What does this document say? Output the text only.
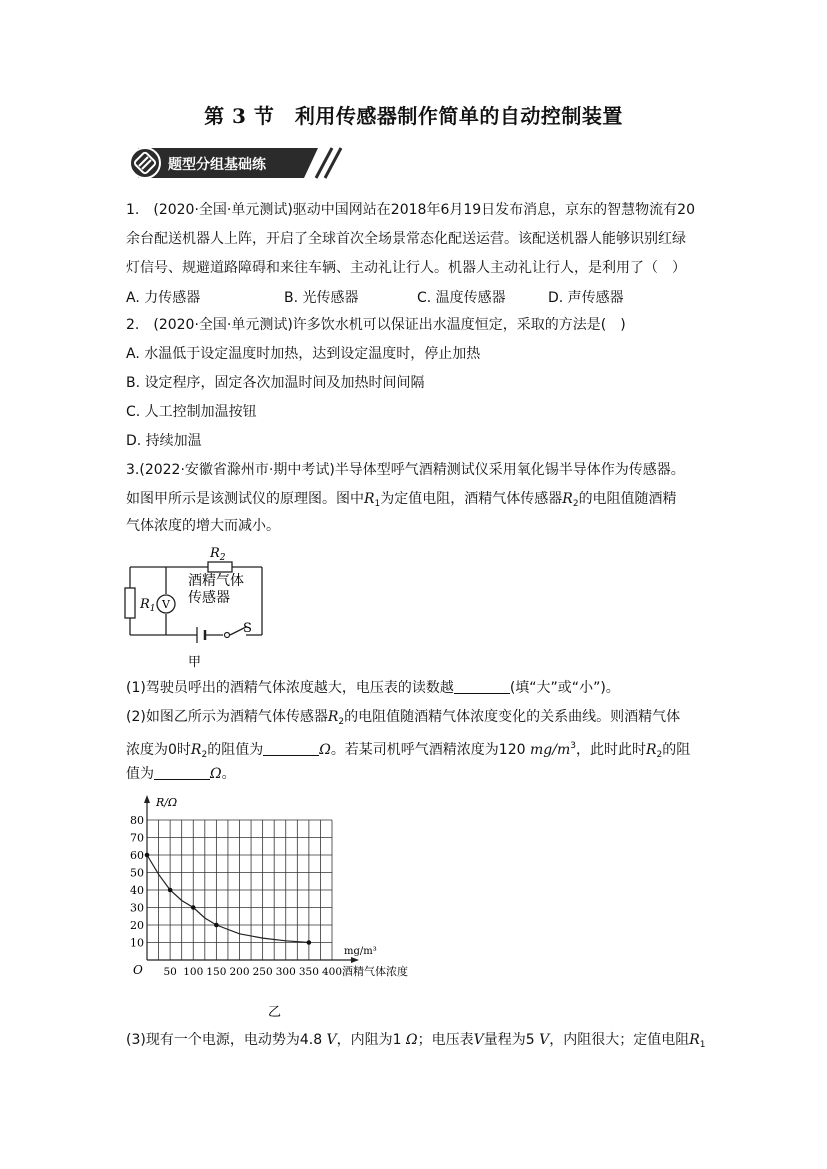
第 3 节　利用传感器制作简单的自动控制装置
题型分组基础练
1.　(2020·全国·单元测试)驱动中国网站在2018年6月19日发布消息，京东的智慧物流有20
余台配送机器人上阵，开启了全球首次全场景常态化配送运营。该配送机器人能够识别红绿
灯信号、规避道路障碍和来往车辆、主动礼让行人。机器人主动礼让行人，是利用了（　）
A. 力传感器	B. 光传感器	C. 温度传感器	D. 声传感器
2.　(2020·全国·单元测试)许多饮水机可以保证出水温度恒定，采取的方法是(　)
A. 水温低于设定温度时加热，达到设定温度时，停止加热
B. 设定程序，固定各次加温时间及加热时间间隔
C. 人工控制加温按钮
D. 持续加温
3.(2022·安徽省滁州市·期中考试)半导体型呼气酒精测试仪采用氧化锡半导体作为传感器。
如图甲所示是该测试仪的原理图。图中$R_1$为定值电阻，酒精气体传感器$R_2$的电阻值随酒精
气体浓度的增大而减小。
$R_2$
酒精气体
传感器
$R_1$ V
S
甲
(1)驾驶员呼出的酒精气体浓度越大，电压表的读数越	(填“大”或“小”)。
(2)如图乙所示为酒精气体传感器$R_2$的电阻值随酒精气体浓度变化的关系曲线。则酒精气体
浓度为0时$R_2$的阻值为	Ω。若某司机呼气酒精浓度为120 $mg/m^3$，此时此时$R_2$的阻
值为	Ω。
10
20
30
40
50
60
70
80
50 100 150 200 250 300 350 400
R/Ω
O
mg/m³
酒精气体浓度
乙
(3)现有一个电源，电动势为4.8 V，内阻为1 Ω；电压表V量程为5 V，内阻很大；定值电阻$R_1$
